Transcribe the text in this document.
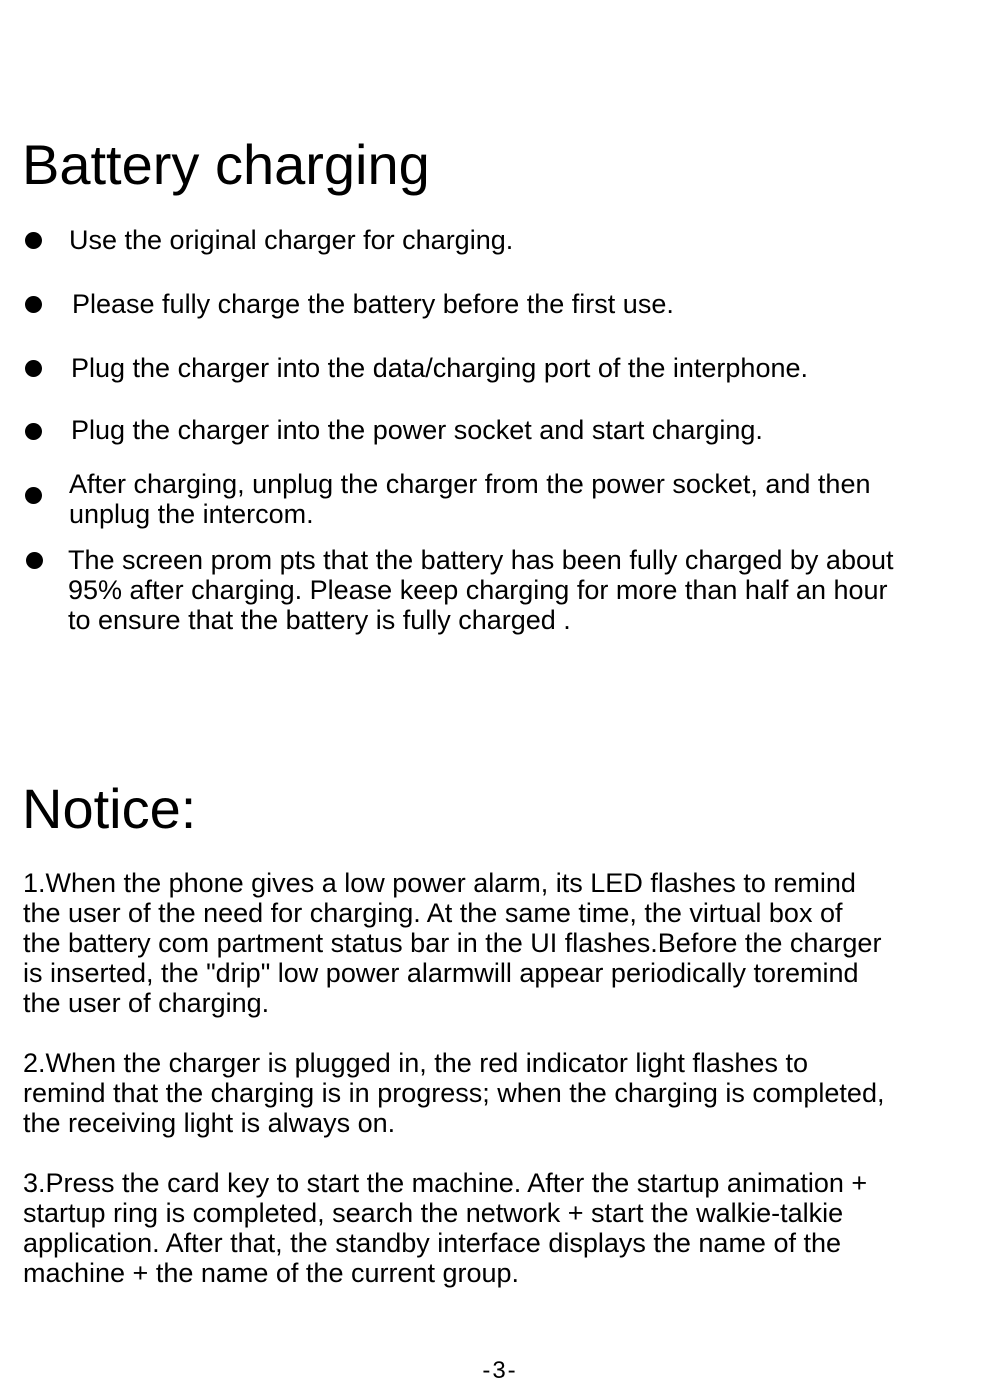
Battery charging
Use the original charger for charging.
Please fully charge the battery before the first use.
Plug the charger into the data/charging port of the interphone.
Plug the charger into the power socket and start charging.
After charging, unplug the charger from the power socket, and then
unplug the intercom.
The screen prom pts that the battery has been fully charged by about
95% after charging. Please keep charging for more than half an hour
to ensure that the battery is fully charged .
Notice:
1.When the phone gives a low power alarm, its LED flashes to remind
the user of the need for charging. At the same time, the virtual box of
the battery com partment status bar in the UI flashes.Before the charger
is inserted, the "drip" low power alarmwill appear periodically toremind
the user of charging.
2.When the charger is plugged in, the red indicator light flashes to
remind that the charging is in progress; when the charging is completed,
the receiving light is always on.
3.Press the card key to start the machine. After the startup animation +
startup ring is completed, search the network + start the walkie-talkie
application. After that, the standby interface displays the name of the
machine + the name of the current group.
-3-
